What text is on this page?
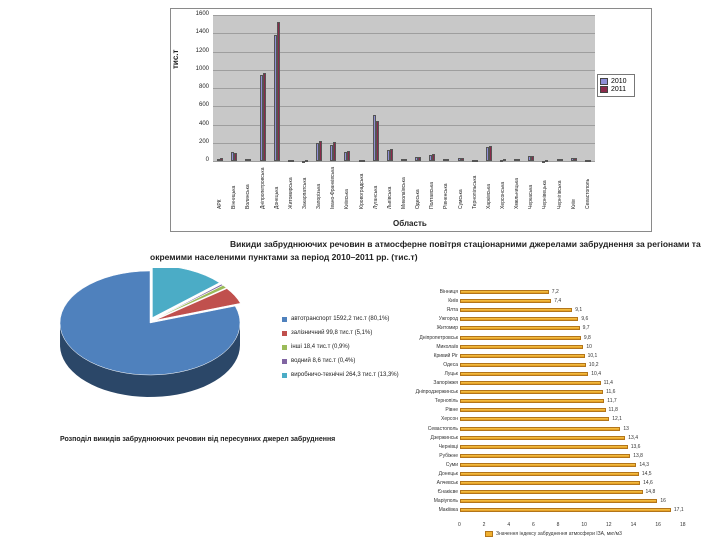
тис.т
2010
2011
Область
0
200
400
600
800
1000
1200
1400
1600
АРК Вінницька Волинська Дніпропетровська Донецька Житомирська Закарпатська Запорізька Івано-Франківська Київська Кіровоградська Луганська Львівська Миколаївська Одеська Полтавська Рівненська Сумська Тернопільська Харківська Херсонська Хмельницька Черкаська Чернівецька Чернігівська Київ Севастополь
Викиди забруднюючих речовин в атмосферне повітря стаціонарними джерелами забруднення за регіонами та окремими населеними пунктами за період 2010–2011 рр. (тис.т)
автотранспорт 1592,2 тис.т (80,1%)
залізничний 99,8 тис.т (5,1%)
інші 18,4 тис.т (0,9%)
водний 8,6 тис.т (0,4%)
виробничо-технічні 264,3 тис.т (13,3%)
Розподіл викидів забруднюючих речовин від пересувних джерел забруднення
Значення індексу забруднення атмосфери ІЗА, мкг/м3
Вінниця	7,2
Київ	7,4
Ялта	9,1
Ужгород	9,6
Житомир	9,7
Дніпропетровськ	9,8
Миколаїв	10
Кривий Ріг	10,1
Одеса	10,2
Луцьк	10,4
Запоріжжя	11,4
Дніпродзержинськ	11,6
Тернопіль	11,7
Рівне	11,8
Херсон	12,1
Севастополь	13
Дзержинськ	13,4
Чернівці	13,6
Рубіжне	13,8
Суми	14,3
Донецьк	14,5
Алчевськ	14,6
Єнакієве	14,8
Маріуполь	16
Макіївка	17,1
0	2	4	6	8	10	12	14	16	18
